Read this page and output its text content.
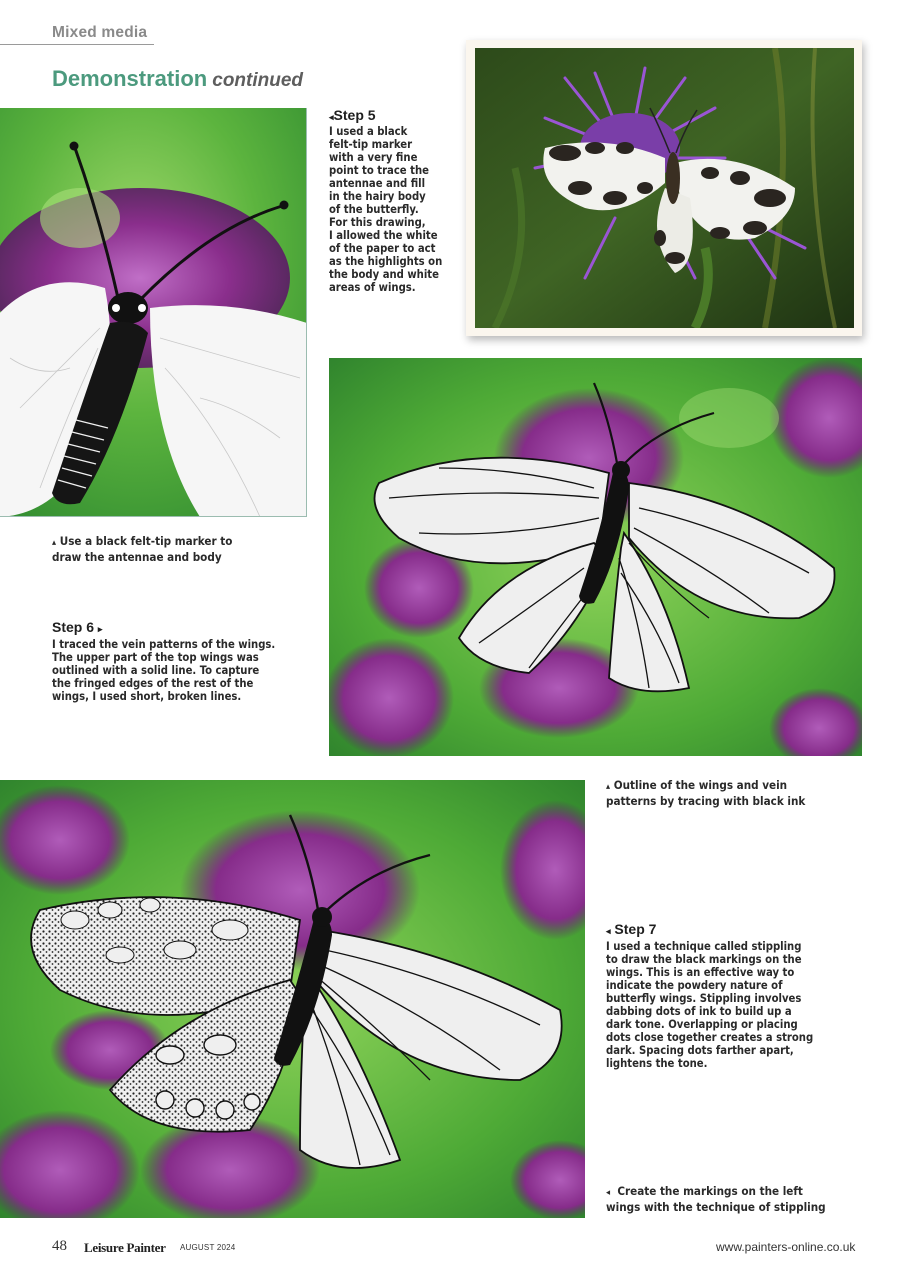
Mixed media
Demonstration continued
◂Step 5
I used a black
felt-tip marker
with a very fine
point to trace the
antennae and fill
in the hairy body
of the butterfly.
For this drawing,
I allowed the white
of the paper to act
as the highlights on
the body and white
areas of wings.
▴ Use a black felt-tip marker to
draw the antennae and body
Step 6 ▸
I traced the vein patterns of the wings.
The upper part of the top wings was
outlined with a solid line. To capture
the fringed edges of the rest of the
wings, I used short, broken lines.
▴ Outline of the wings and vein
patterns by tracing with black ink
◂ Step 7
I used a technique called stippling
to draw the black markings on the
wings. This is an effective way to
indicate the powdery nature of
butterfly wings. Stippling involves
dabbing dots of ink to build up a
dark tone. Overlapping or placing
dots close together creates a strong
dark. Spacing dots farther apart,
lightens the tone.
◂ Create the markings on the left
wings with the technique of stippling
48 Leisure Painter AUGUST 2024	www.painters-online.co.uk
